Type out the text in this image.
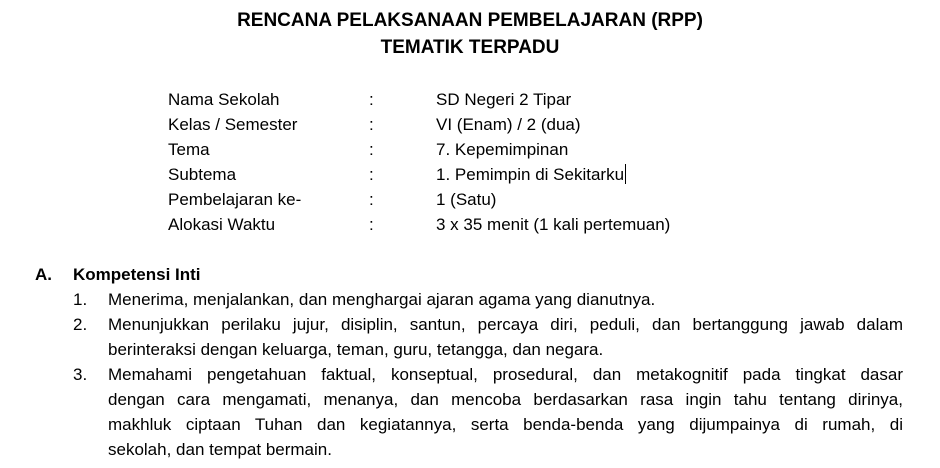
RENCANA PELAKSANAAN PEMBELAJARAN (RPP)
TEMATIK TERPADU
Nama Sekolah	:	SD Negeri 2 Tipar
Kelas / Semester	:	VI (Enam) / 2 (dua)
Tema	:	7. Kepemimpinan
Subtema	:	1. Pemimpin di Sekitarku
Pembelajaran ke-	:	1 (Satu)
Alokasi Waktu	:	3 x 35 menit (1 kali pertemuan)
A. Kompetensi Inti
1. Menerima, menjalankan, dan menghargai ajaran agama yang dianutnya.
2. Menunjukkan perilaku jujur, disiplin, santun, percaya diri, peduli, dan bertanggung jawab dalam
berinteraksi dengan keluarga, teman, guru, tetangga, dan negara.
3. Memahami pengetahuan faktual, konseptual, prosedural, dan metakognitif pada tingkat dasar
dengan cara mengamati, menanya, dan mencoba berdasarkan rasa ingin tahu tentang dirinya,
makhluk ciptaan Tuhan dan kegiatannya, serta benda-benda yang dijumpainya di rumah, di
sekolah, dan tempat bermain.
